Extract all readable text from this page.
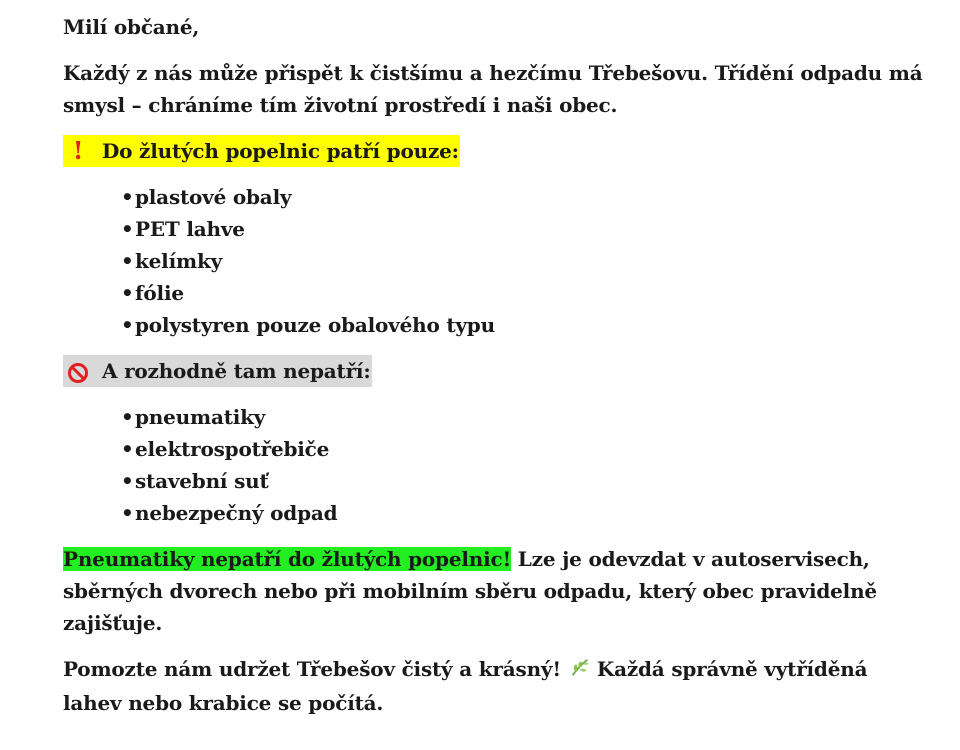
Milí občané,

Každý z nás může přispět k čistšímu a hezčímu Třebešovu. Třídění odpadu má smysl – chráníme tím životní prostředí i naši obec.

! Do žlutých popelnic patří pouze:
• plastové obaly
• PET lahve
• kelímky
• fólie
• polystyren pouze obalového typu
A rozhodně tam nepatří:
• pneumatiky
• elektrospotřebiče
• stavební suť
• nebezpečný odpad

Pneumatiky nepatří do žlutých popelnic! Lze je odevzdat v autoservisech, sběrných dvorech nebo při mobilním sběru odpadu, který obec pravidelně zajišťuje.

Pomozte nám udržet Třebešov čistý a krásný! Každá správně vytříděná lahev nebo krabice se počítá.
